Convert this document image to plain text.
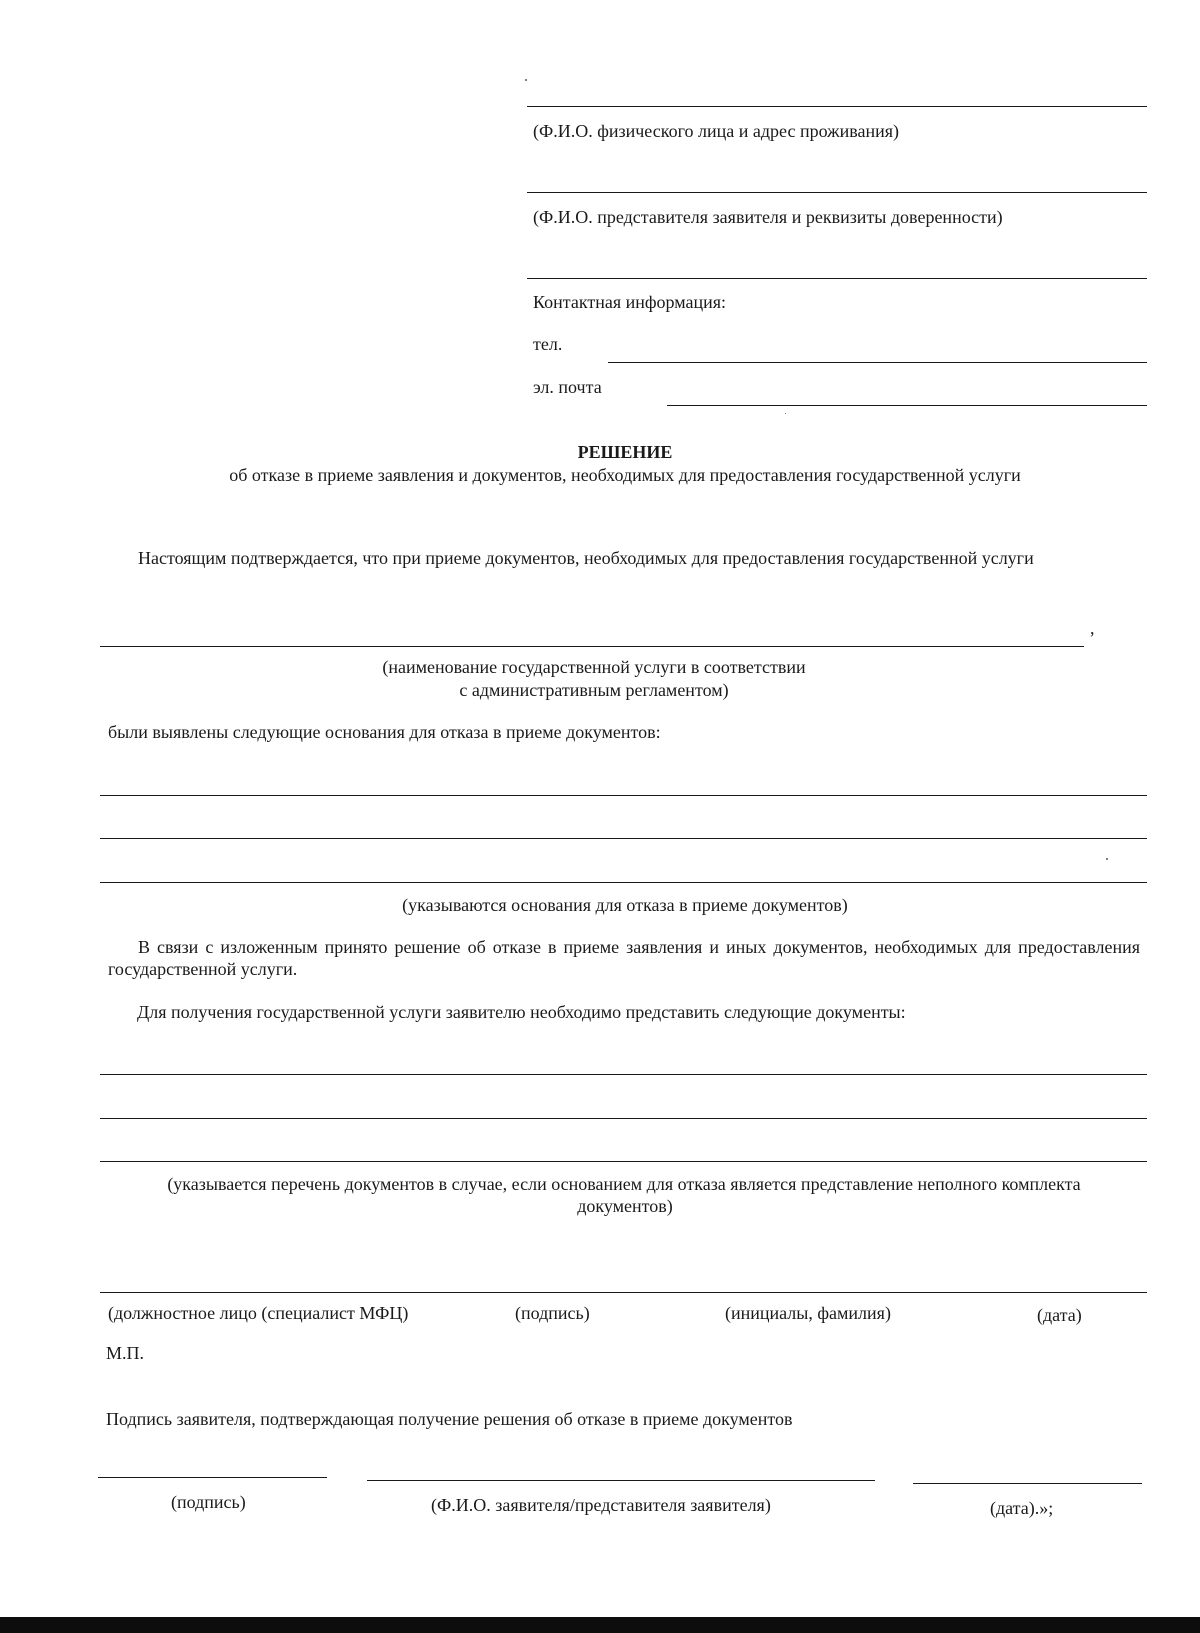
(Ф.И.О. физического лица и адрес проживания)
(Ф.И.О. представителя заявителя и реквизиты доверенности)
Контактная информация:
тел.
эл. почта
РЕШЕНИЕ
об отказе в приеме заявления и документов, необходимых для предоставления государственной услуги
Настоящим подтверждается, что при приеме документов, необходимых для предоставления государственной услуги
,
(наименование государственной услуги в соответствии
с административным регламентом)
были выявлены следующие основания для отказа в приеме документов:
(указываются основания для отказа в приеме документов)
В связи с изложенным принято решение об отказе в приеме заявления и иных документов, необходимых для предоставления государственной услуги.
Для получения государственной услуги заявителю необходимо представить следующие документы:
(указывается перечень документов в случае, если основанием для отказа является представление неполного комплекта
документов)
(должностное лицо (специалист МФЦ)	(подпись)	(инициалы, фамилия)	(дата)
М.П.
Подпись заявителя, подтверждающая получение решения об отказе в приеме документов
(подпись)	(Ф.И.О. заявителя/представителя заявителя)	(дата).»;
